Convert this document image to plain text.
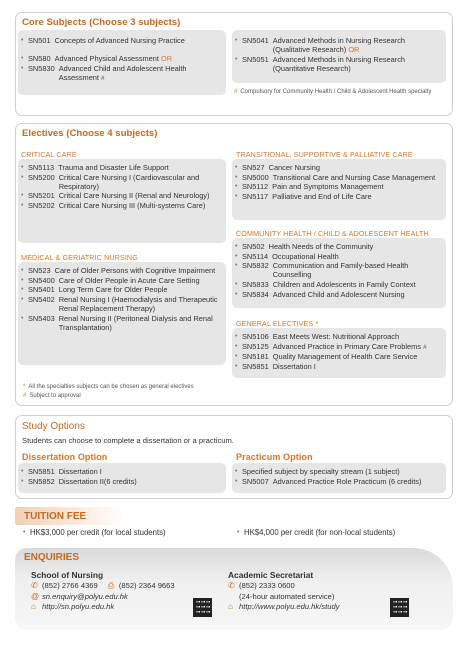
Core Subjects (Choose 3 subjects)
• SN501 Concepts of Advanced Nursing Practice
• SN580 Advanced Physical Assessment OR
• SN5830 Advanced Child and Adolescent Health Assessment #
• SN5041 Advanced Methods in Nursing Research (Qualitative Research) OR
• SN5051 Advanced Methods in Nursing Research (Quantitative Research)
# Compulsory for Community Health / Child & Adolescent Health specialty
Electives (Choose 4 subjects)
CRITICAL CARE
• SN5113 Trauma and Disaster Life Support
• SN5200 Critical Care Nursing I (Cardiovascular and Respiratory)
• SN5201 Critical Care Nursing II (Renal and Neurology)
• SN5202 Critical Care Nursing III (Multi-systems Care)
MEDICAL & GERIATRIC NURSING
• SN523 Care of Older Persons with Cognitive Impairment
• SN5400 Care of Older People in Acute Care Setting
• SN5401 Long Term Care for Older People
• SN5402 Renal Nursing I (Haemodialysis and Therapeutic Renal Replacement Therapy)
• SN5403 Renal Nursing II (Peritoneal Dialysis and Renal Transplantation)
TRANSITIONAL, SUPPORTIVE & PALLIATIVE CARE
• SN527 Cancer Nursing
• SN5000 Transitional Care and Nursing Case Management
• SN5112 Pain and Symptoms Management
• SN5117 Palliative and End of Life Care
COMMUNITY HEALTH / CHILD & ADOLESCENT HEALTH
• SN502 Health Needs of the Community
• SN5114 Occupational Health
• SN5832 Communication and Family-based Health Counselling
• SN5833 Children and Adolescents in Family Context
• SN5834 Advanced Child and Adolescent Nursing
GENERAL ELECTIVES *
• SN5106 East Meets West: Nutritional Approach
• SN5125 Advanced Practice in Primary Care Problems #
• SN5181 Quality Management of Health Care Service
• SN5851 Dissertation I
* All the specialties subjects can be chosen as general electives
# Subject to approval
Study Options
Students can choose to complete a dissertation or a practicum.
Dissertation Option
• SN5851 Dissertation I
• SN5852 Dissertation II(6 credits)
Practicum Option
• Specified subject by specialty stream (1 subject)
• SN5007 Advanced Practice Role Practicum (6 credits)
TUITION FEE
• HK$3,000 per credit (for local students)
•	HK$4,000 per credit (for non-local students)
ENQUIRIES
School of Nursing
✆ (852) 2766 4369 ⎙ (852) 2364 9663
@ sn.enquiry@polyu.edu.hk
⌂ http://sn.polyu.edu.hk
Academic Secretariat
✆ (852) 2333 0600
(24-hour automated service)
⌂ http://www.polyu.edu.hk/study
